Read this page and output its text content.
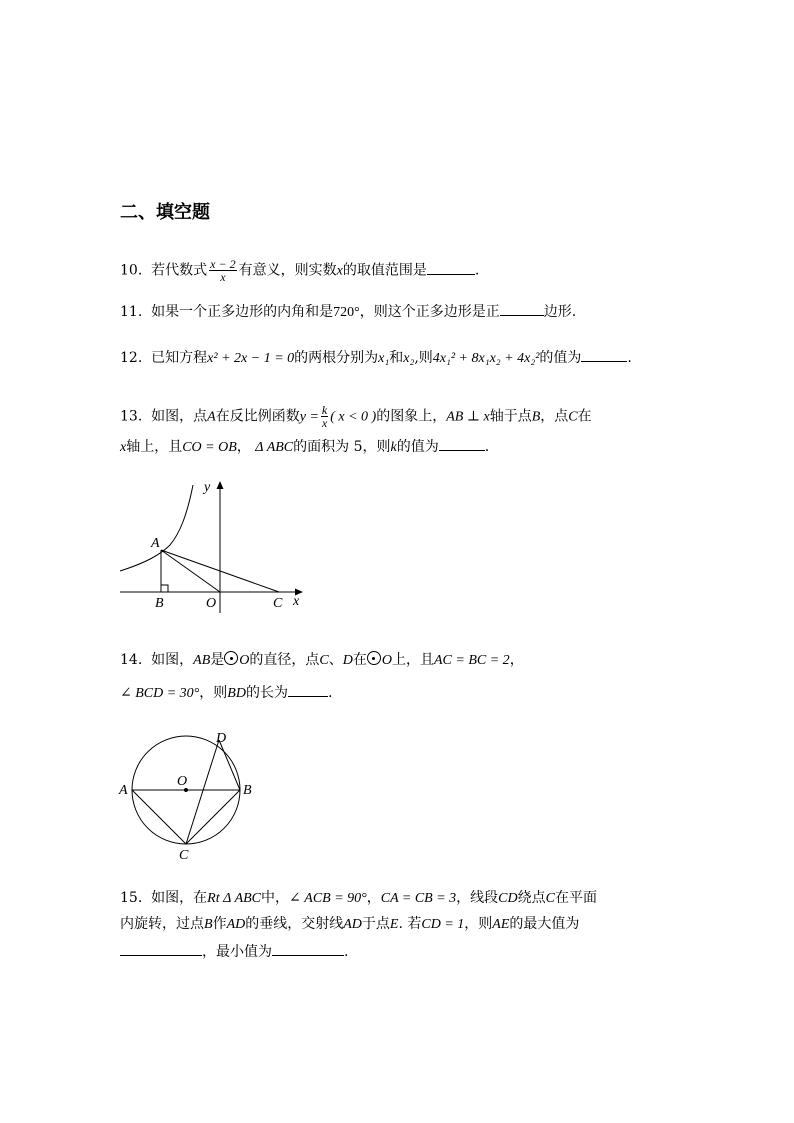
二、填空题
10. 若代数式 $\frac{x - 2}{x}$ 有意义，则实数x的取值范围是	.
11. 如果一个正多边形的内角和是720°，则这个正多边形是正	边形.
12. 已知方程x² + 2x − 1 = 0的两根分别为x₁和x₂,则4x₁² + 8x₁x₂ + 4x₂²的值为	.
13. 如图，点A在反比例函数$y = \frac{k}{x}$ ( x < 0 )的图象上，AB ⊥ x轴于点B，点C在
x轴上，且CO = OB， Δ ABC的面积为 5，则k的值为	.
y
x
A
B	O	C
14. 如图，AB是 O的直径，点C、D在 O上，且AC = BC = 2，
∠ BCD = 30°，则BD的长为	.
A	B
C
D
O
15. 如图，在Rt Δ ABC中，∠ ACB = 90°，CA = CB = 3，线段CD绕点C在平面
内旋转，过点B作AD的垂线，交射线AD于点E. 若CD = 1，则AE的最大值为
，最小值为	.
